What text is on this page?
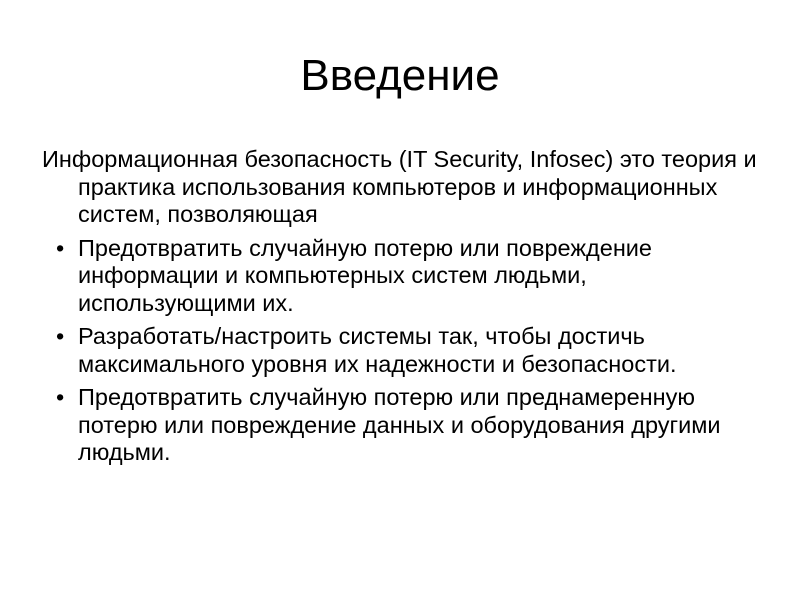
Введение

Информационная безопасность (IT Security, Infosec) это теория и практика использования компьютеров и информационных систем, позволяющая

• Предотвратить случайную потерю или повреждение информации и компьютерных систем людьми, использующими их.
• Разработать/настроить системы так, чтобы достичь максимального уровня их надежности и безопасности.
• Предотвратить случайную потерю или преднамеренную потерю или повреждение данных и оборудования другими людьми.
